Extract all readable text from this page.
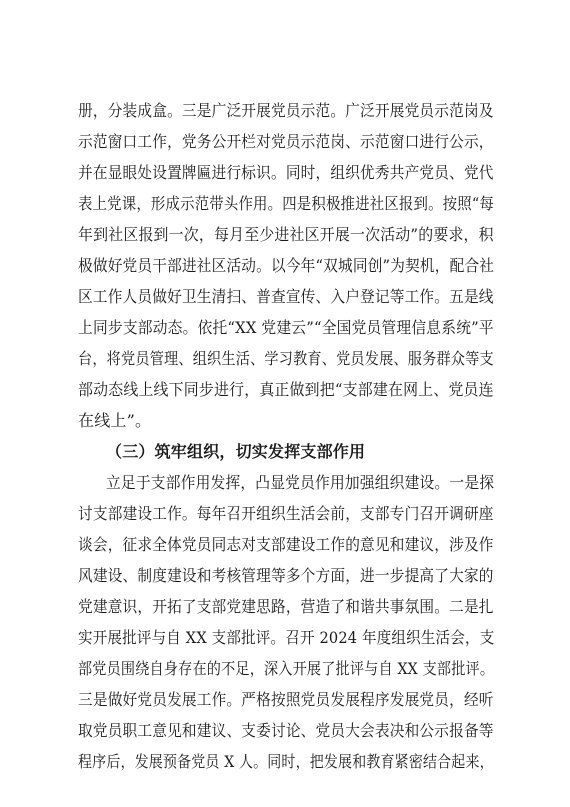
册，分装成盒。三是广泛开展党员示范。广泛开展党员示范岗及
示范窗口工作，党务公开栏对党员示范岗、示范窗口进行公示，
并在显眼处设置牌匾进行标识。同时，组织优秀共产党员、党代
表上党课，形成示范带头作用。四是积极推进社区报到。按照“每
年到社区报到一次，每月至少进社区开展一次活动”的要求，积
极做好党员干部进社区活动。以今年“双城同创”为契机，配合社
区工作人员做好卫生清扫、普查宣传、入户登记等工作。五是线
上同步支部动态。依托“XX 党建云”“全国党员管理信息系统”平
台，将党员管理、组织生活、学习教育、党员发展、服务群众等支
部动态线上线下同步进行，真正做到把“支部建在网上、党员连
在线上”。
（三）筑牢组织，切实发挥支部作用
立足于支部作用发挥，凸显党员作用加强组织建设。一是探
讨支部建设工作。每年召开组织生活会前，支部专门召开调研座
谈会，征求全体党员同志对支部建设工作的意见和建议，涉及作
风建设、制度建设和考核管理等多个方面，进一步提高了大家的
党建意识，开拓了支部党建思路，营造了和谐共事氛围。二是扎
实开展批评与自 XX 支部批评。召开 2024 年度组织生活会，支
部党员围绕自身存在的不足，深入开展了批评与自 XX 支部批评。
三是做好党员发展工作。严格按照党员发展程序发展党员，经听
取党员职工意见和建议、支委讨论、党员大会表决和公示报备等
程序后，发展预备党员 X 人。同时，把发展和教育紧密结合起来，
